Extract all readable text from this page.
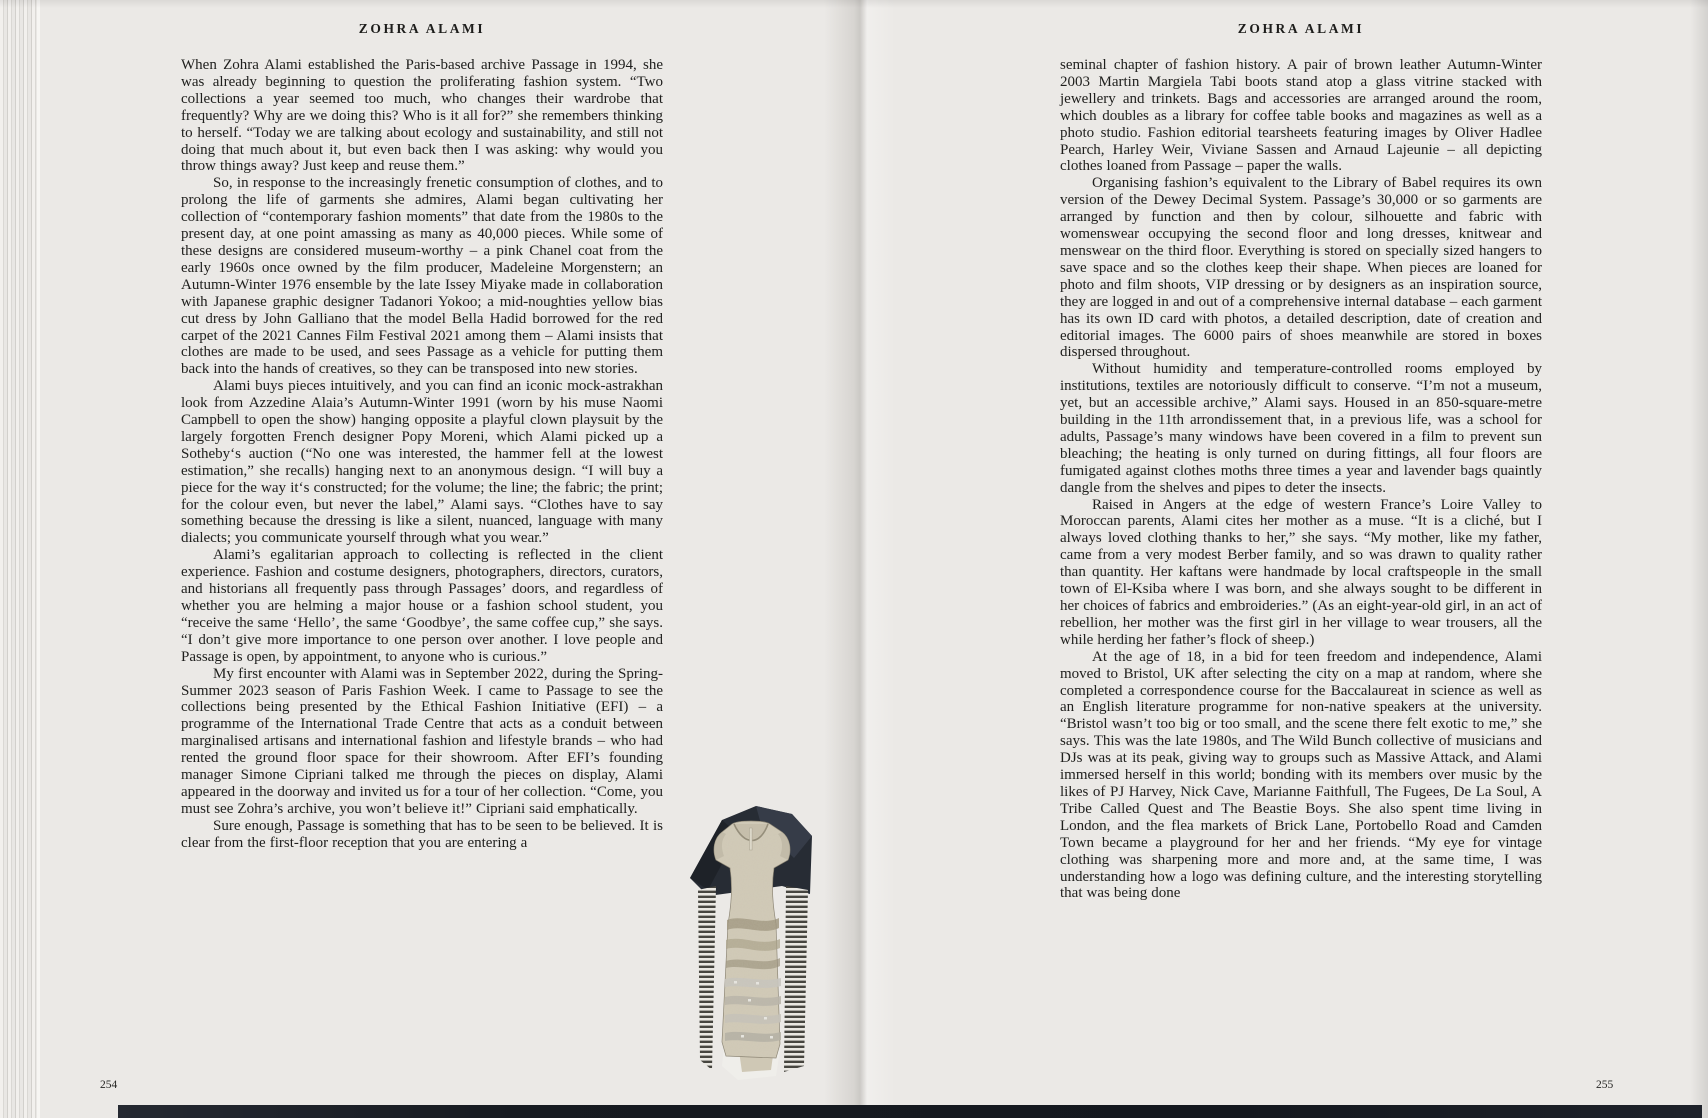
ZOHRA ALAMI	ZOHRA ALAMI

When Zohra Alami established the Paris-based archive Passage in 1994, she was already beginning to question the proliferating fashion system. “Two collections a year seemed too much, who changes their wardrobe that frequently? Why are we doing this? Who is it all for?” she remembers thinking to herself. “Today we are talking about ecology and sustainability, and still not doing that much about it, but even back then I was asking: why would you throw things away? Just keep and reuse them.”

So, in response to the increasingly frenetic consumption of clothes, and to prolong the life of garments she admires, Alami began cultivating her collection of “contemporary fashion moments” that date from the 1980s to the present day, at one point amassing as many as 40,000 pieces. While some of these designs are considered museum-worthy – a pink Chanel coat from the early 1960s once owned by the film producer, Madeleine Morgenstern; an Autumn-Winter 1976 ensemble by the late Issey Miyake made in collaboration with Japanese graphic designer Tadanori Yokoo; a mid-noughties yellow bias cut dress by John Galliano that the model Bella Hadid borrowed for the red carpet of the 2021 Cannes Film Festival 2021 among them – Alami insists that clothes are made to be used, and sees Passage as a vehicle for putting them back into the hands of creatives, so they can be transposed into new stories.

Alami buys pieces intuitively, and you can find an iconic mock-astrakhan look from Azzedine Alaia’s Autumn-Winter 1991 (worn by his muse Naomi Campbell to open the show) hanging opposite a playful clown playsuit by the largely forgotten French designer Popy Moreni, which Alami picked up a Sotheby‘s auction (“No one was interested, the hammer fell at the lowest estimation,” she recalls) hanging next to an anonymous design. “I will buy a piece for the way it‘s constructed; for the volume; the line; the fabric; the print; for the colour even, but never the label,” Alami says. “Clothes have to say something because the dressing is like a silent, nuanced, language with many dialects; you communicate yourself through what you wear.”

Alami’s egalitarian approach to collecting is reflected in the client experience. Fashion and costume designers, photographers, directors, curators, and historians all frequently pass through Passages’ doors, and regardless of whether you are helming a major house or a fashion school student, you “receive the same ‘Hello’, the same ‘Goodbye’, the same coffee cup,” she says. “I don’t give more importance to one person over another. I love people and Passage is open, by appointment, to anyone who is curious.”

My first encounter with Alami was in September 2022, during the Spring-Summer 2023 season of Paris Fashion Week. I came to Passage to see the collections being presented by the Ethical Fashion Initiative (EFI) – a programme of the International Trade Centre that acts as a conduit between marginalised artisans and international fashion and lifestyle brands – who had rented the ground floor space for their showroom. After EFI’s founding manager Simone Cipriani talked me through the pieces on display, Alami appeared in the doorway and invited us for a tour of her collection. “Come, you must see Zohra’s archive, you won’t believe it!” Cipriani said emphatically.

Sure enough, Passage is something that has to be seen to be believed. It is clear from the first-floor reception that you are entering a

seminal chapter of fashion history. A pair of brown leather Autumn-Winter 2003 Martin Margiela Tabi boots stand atop a glass vitrine stacked with jewellery and trinkets. Bags and accessories are arranged around the room, which doubles as a library for coffee table books and magazines as well as a photo studio. Fashion editorial tearsheets featuring images by Oliver Hadlee Pearch, Harley Weir, Viviane Sassen and Arnaud Lajeunie – all depicting clothes loaned from Passage – paper the walls.

Organising fashion’s equivalent to the Library of Babel requires its own version of the Dewey Decimal System. Passage’s 30,000 or so garments are arranged by function and then by colour, silhouette and fabric with womenswear occupying the second floor and long dresses, knitwear and menswear on the third floor. Everything is stored on specially sized hangers to save space and so the clothes keep their shape. When pieces are loaned for photo and film shoots, VIP dressing or by designers as an inspiration source, they are logged in and out of a comprehensive internal database – each garment has its own ID card with photos, a detailed description, date of creation and editorial images. The 6000 pairs of shoes meanwhile are stored in boxes dispersed throughout.

Without humidity and temperature-controlled rooms employed by institutions, textiles are notoriously difficult to conserve. “I’m not a museum, yet, but an accessible archive,” Alami says. Housed in an 850-square-metre building in the 11th arrondissement that, in a previous life, was a school for adults, Passage’s many windows have been covered in a film to prevent sun bleaching; the heating is only turned on during fittings, all four floors are fumigated against clothes moths three times a year and lavender bags quaintly dangle from the shelves and pipes to deter the insects.

Raised in Angers at the edge of western France’s Loire Valley to Moroccan parents, Alami cites her mother as a muse. “It is a cliché, but I always loved clothing thanks to her,” she says. “My mother, like my father, came from a very modest Berber family, and so was drawn to quality rather than quantity. Her kaftans were handmade by local craftspeople in the small town of El-Ksiba where I was born, and she always sought to be different in her choices of fabrics and embroideries.” (As an eight-year-old girl, in an act of rebellion, her mother was the first girl in her village to wear trousers, all the while herding her father’s flock of sheep.)

At the age of 18, in a bid for teen freedom and independence, Alami moved to Bristol, UK after selecting the city on a map at random, where she completed a correspondence course for the Baccalaureat in science as well as an English literature programme for non-native speakers at the university. “Bristol wasn’t too big or too small, and the scene there felt exotic to me,” she says. This was the late 1980s, and The Wild Bunch collective of musicians and DJs was at its peak, giving way to groups such as Massive Attack, and Alami immersed herself in this world; bonding with its members over music by the likes of PJ Harvey, Nick Cave, Marianne Faithfull, The Fugees, De La Soul, A Tribe Called Quest and The Beastie Boys. She also spent time living in London, and the flea markets of Brick Lane, Portobello Road and Camden Town became a playground for her and her friends. “My eye for vintage clothing was sharpening more and more and, at the same time, I was understanding how a logo was defining culture, and the interesting storytelling that was being done

254	255
